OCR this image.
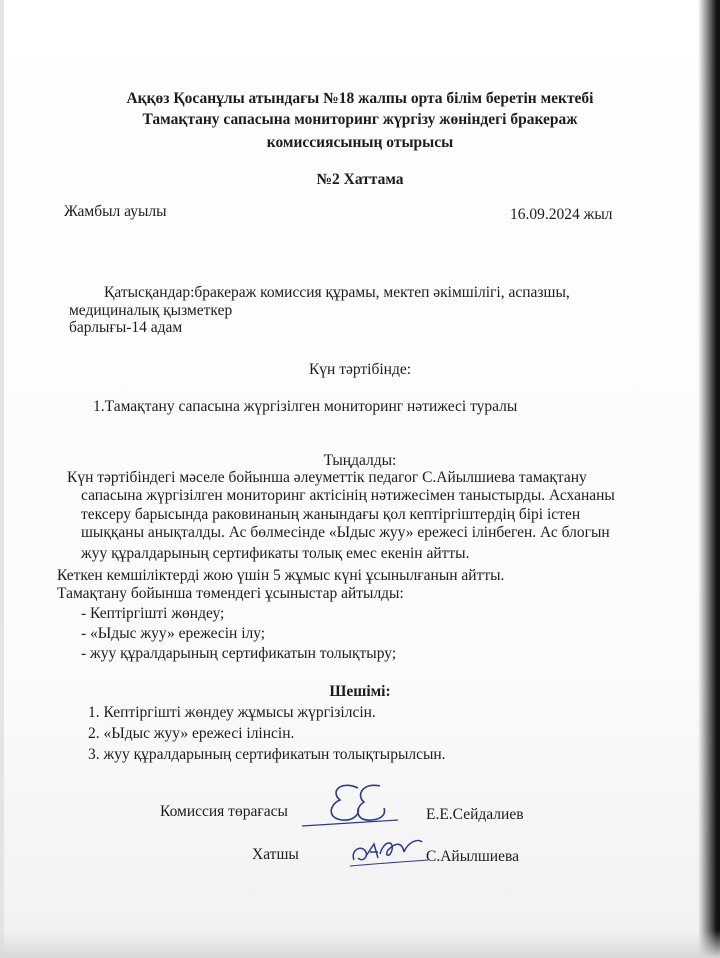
Аққөз Қосанұлы атындағы №18 жалпы орта білім беретін мектебі
Тамақтану сапасына мониторинг жүргізу жөніндегі бракераж
комиссиясының отырысы
№2 Хаттама
Жамбыл ауылы	16.09.2024 жыл
Қатысқандар:бракераж комиссия құрамы, мектеп әкімшілігі, аспазшы,
медициналық қызметкер
барлығы-14 адам
Күн тәртібінде:
1.Тамақтану сапасына жүргізілген мониторинг нәтижесі туралы
Тыңдалды:
Күн тәртібіндегі мәселе бойынша әлеуметтік педагог С.Айылшиева тамақтану
сапасына жүргізілген мониторинг актісінің нәтижесімен таныстырды. Асхананы
тексеру барысында раковинаның жанындағы қол кептіргіштердің бірі істен
шыққаны анықталды. Ас бөлмесінде «Ыдыс жуу» ережесі ілінбеген. Ас блогын
жуу құралдарының сертификаты толық емес екенін айтты.
Кеткен кемшіліктерді жою үшін 5 жұмыс күні ұсынылғанын айтты.
Тамақтану бойынша төмендегі ұсыныстар айтылды:
- Кептіргішті жөндеу;
- «Ыдыс жуу» ережесін ілу;
- жуу құралдарының сертификатын толықтыру;
Шешімі:
1. Кептіргішті жөндеу жұмысы жүргізілсін.
2. «Ыдыс жуу» ережесі ілінсін.
3. жуу құралдарының сертификатын толықтырылсын.
Комиссия төрағасы	Е.Е.Сейдалиев
Хатшы	С.Айылшиева
